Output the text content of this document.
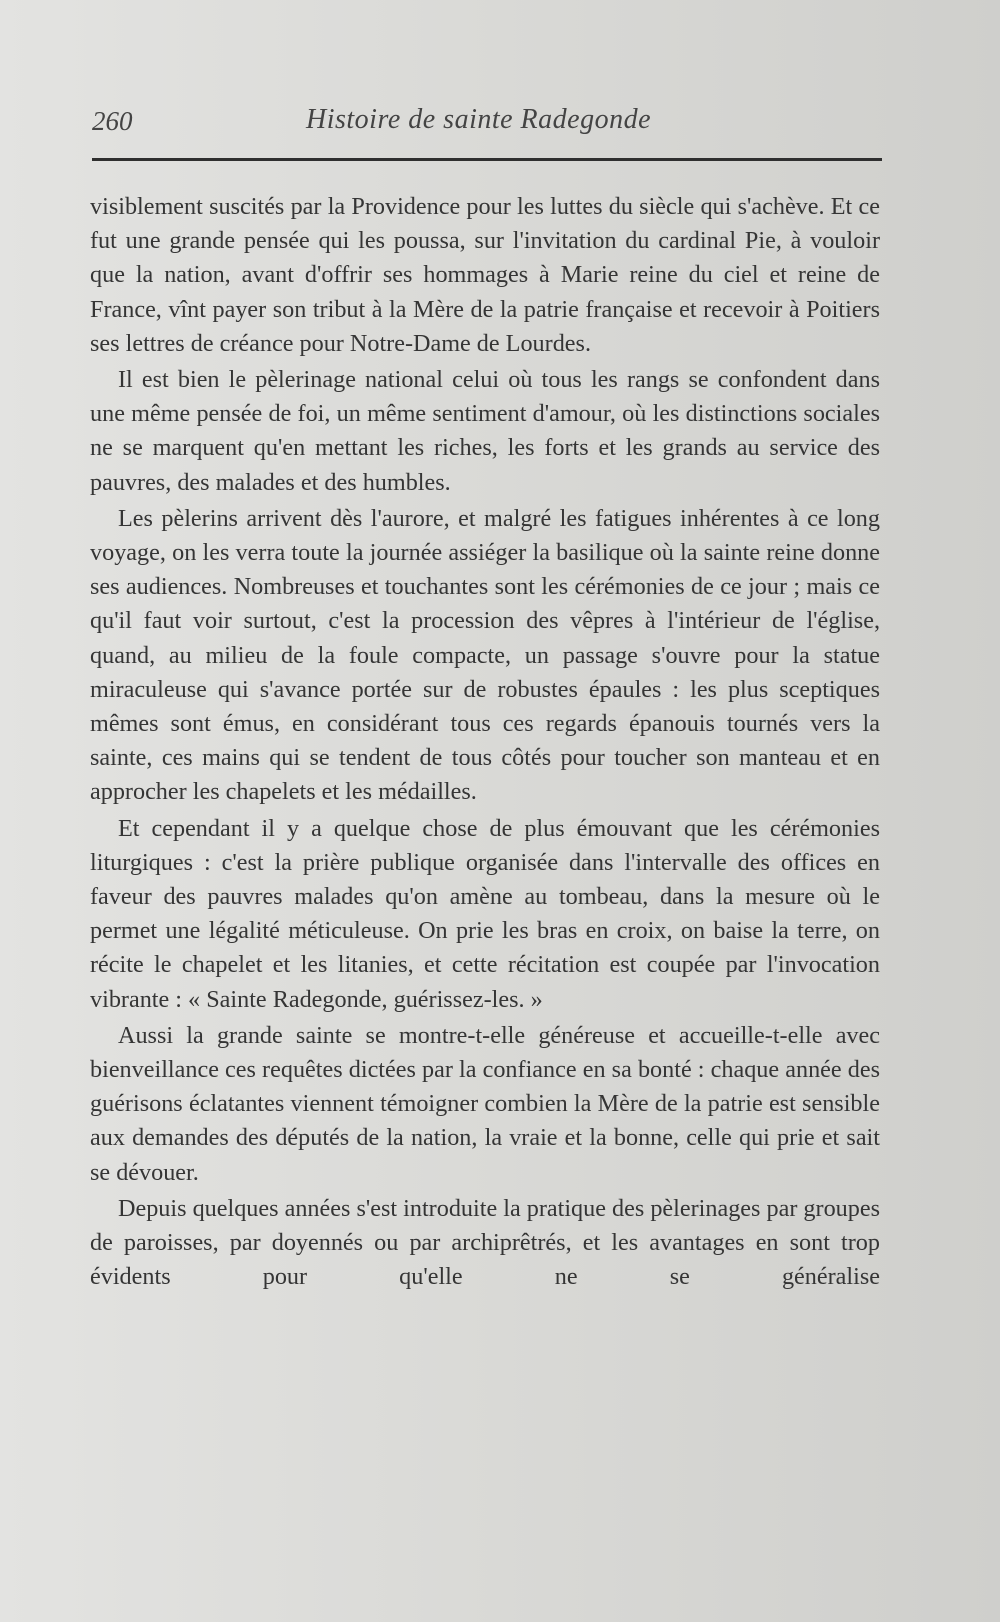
260	Histoire de sainte Radegonde

visiblement suscités par la Providence pour les luttes du siècle qui s'achève. Et ce fut une grande pensée qui les poussa, sur l'invitation du cardinal Pie, à vouloir que la nation, avant d'offrir ses hommages à Marie reine du ciel et reine de France, vînt payer son tribut à la Mère de la patrie française et recevoir à Poitiers ses lettres de créance pour Notre-Dame de Lourdes.

Il est bien le pèlerinage national celui où tous les rangs se confondent dans une même pensée de foi, un même sentiment d'amour, où les distinctions sociales ne se marquent qu'en mettant les riches, les forts et les grands au service des pauvres, des malades et des humbles.

Les pèlerins arrivent dès l'aurore, et malgré les fatigues inhérentes à ce long voyage, on les verra toute la journée assiéger la basilique où la sainte reine donne ses audiences. Nombreuses et touchantes sont les cérémonies de ce jour ; mais ce qu'il faut voir surtout, c'est la procession des vêpres à l'intérieur de l'église, quand, au milieu de la foule compacte, un passage s'ouvre pour la statue miraculeuse qui s'avance portée sur de robustes épaules : les plus sceptiques mêmes sont émus, en considérant tous ces regards épanouis tournés vers la sainte, ces mains qui se tendent de tous côtés pour toucher son manteau et en approcher les chapelets et les médailles.

Et cependant il y a quelque chose de plus émouvant que les cérémonies liturgiques : c'est la prière publique organisée dans l'intervalle des offices en faveur des pauvres malades qu'on amène au tombeau, dans la mesure où le permet une légalité méticuleuse. On prie les bras en croix, on baise la terre, on récite le chapelet et les litanies, et cette récitation est coupée par l'invocation vibrante : « Sainte Radegonde, guérissez-les. »

Aussi la grande sainte se montre-t-elle généreuse et accueille-t-elle avec bienveillance ces requêtes dictées par la confiance en sa bonté : chaque année des guérisons éclatantes viennent témoigner combien la Mère de la patrie est sensible aux demandes des députés de la nation, la vraie et la bonne, celle qui prie et sait se dévouer.

Depuis quelques années s'est introduite la pratique des pèlerinages par groupes de paroisses, par doyennés ou par archiprêtrés, et les avantages en sont trop évidents pour qu'elle ne se généralise
